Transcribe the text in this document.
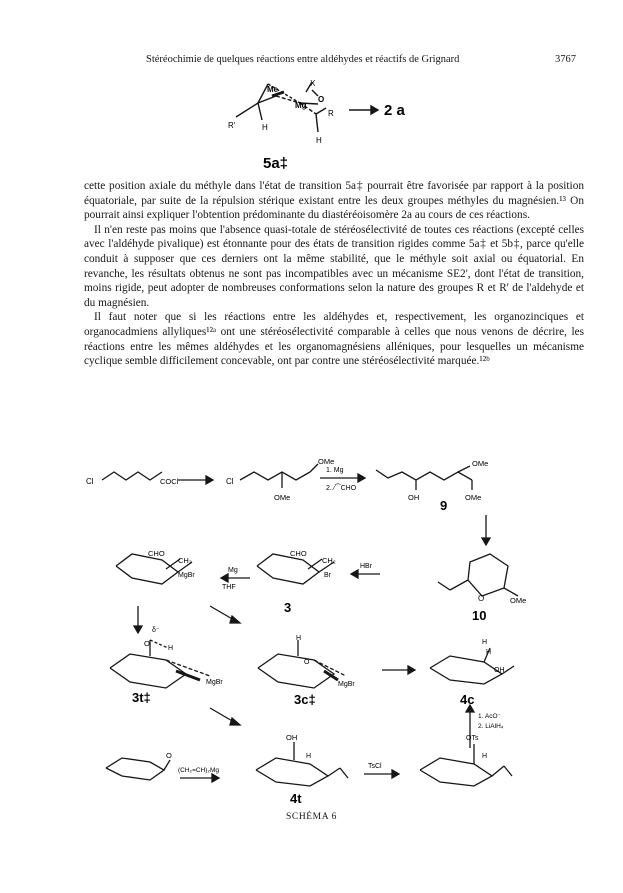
Stéréochimie de quelques réactions entre aldéhydes et réactifs de Grignard	3767
Me
X
Mg
O
R
R'	H
H
2 a
5a‡

cette position axiale du méthyle dans l'état de transition 5a‡ pourrait être favorisée par rapport à la position équatoriale, par suite de la répulsion stérique existant entre les deux groupes méthyles du magnésien.¹³ On pourrait ainsi expliquer l'obtention prédominante du diastéréoisomère 2a au cours de ces réactions.

Il n'en reste pas moins que l'absence quasi-totale de stéréosélectivité de toutes ces réactions (excepté celles avec l'aldéhyde pivalique) est étonnante pour des états de transition rigides comme 5a‡ et 5b‡, parce qu'elle conduit à supposer que ces derniers ont la même stabilité, que le méthyle soit axial ou équatorial. En revanche, les résultats obtenus ne sont pas incompatibles avec un mécanisme SE2', dont l'état de transition, moins rigide, peut adopter de nombreuses conformations selon la nature des groupes R et R' de l'aldehyde et du magnésien.

Il faut noter que si les réactions entre les aldéhydes et, respectivement, les organozinciques et organocadmiens allyliques¹²ᵃ ont une stéréosélectivité comparable à celles que nous venons de décrire, les réactions entre les mêmes aldéhydes et les organomagnésiens alléniques, pour lesquelles un mécanisme cyclique semble difficilement concevable, ont par contre une stéréosélectivité marquée.¹²ᵇ

Cl	COCl	Cl
OMe
OMe
1. Mg
2. ⁄⁀CHO
OH
OMe
OMe
9
CHO
CH₂
MgBr
Mg
THF
CHO
CH₂
Br
3
HBr
O	OMe
10
O
δ⁻
H
MgBr
3t‡
H
O
MgBr
3c‡
H
H
OH
4c
1. AcO⁻
2. LiAlH₄
O
(CH₂=CH)₂Mg
OH
H
4t
TsCl
OTs
H
SCHÉMA 6
